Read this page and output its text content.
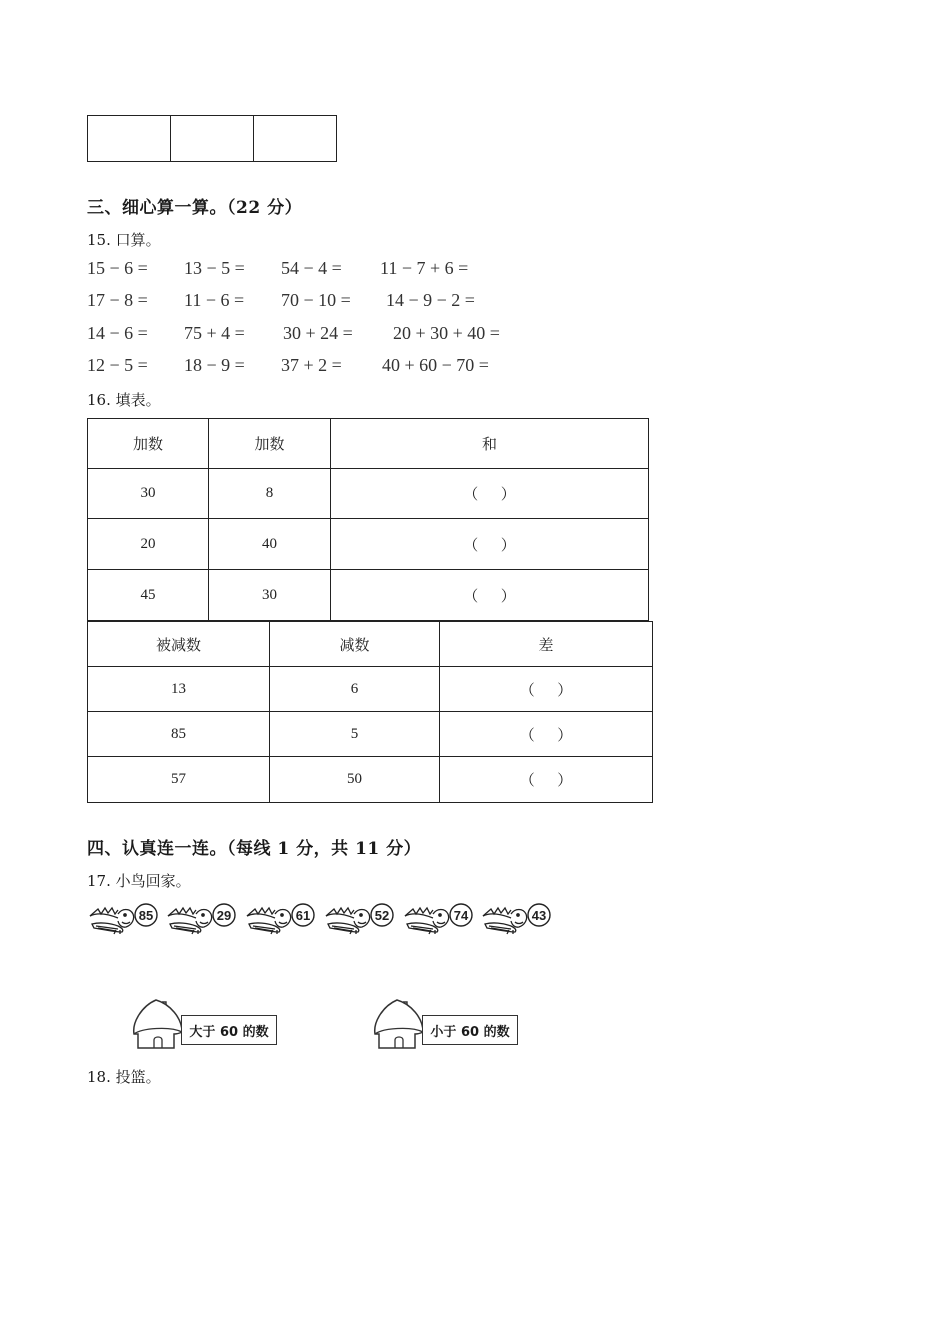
三、细心算一算。（22 分）
15. 口算。
15 − 6 = 13 − 5 = 54 − 4 = 11 − 7 + 6 =
17 − 8 = 11 − 6 = 70 − 10 = 14 − 9 − 2 =
14 − 6 = 75 + 4 = 30 + 24 = 20 + 30 + 40 =
12 − 5 = 18 − 9 = 37 + 2 = 40 + 60 − 70 =
16. 填表。
加数	加数	和
30	8	（      ）
20	40	（      ）
45	30	（      ）
被减数	减数	差
13	6	（      ）
85	5	（      ）
57	50	（      ）
四、认真连一连。（每线 1 分，共 11 分）
17. 小鸟回家。
85	29	61	52	74	43
大于 60 的数	小于 60 的数
18. 投篮。
